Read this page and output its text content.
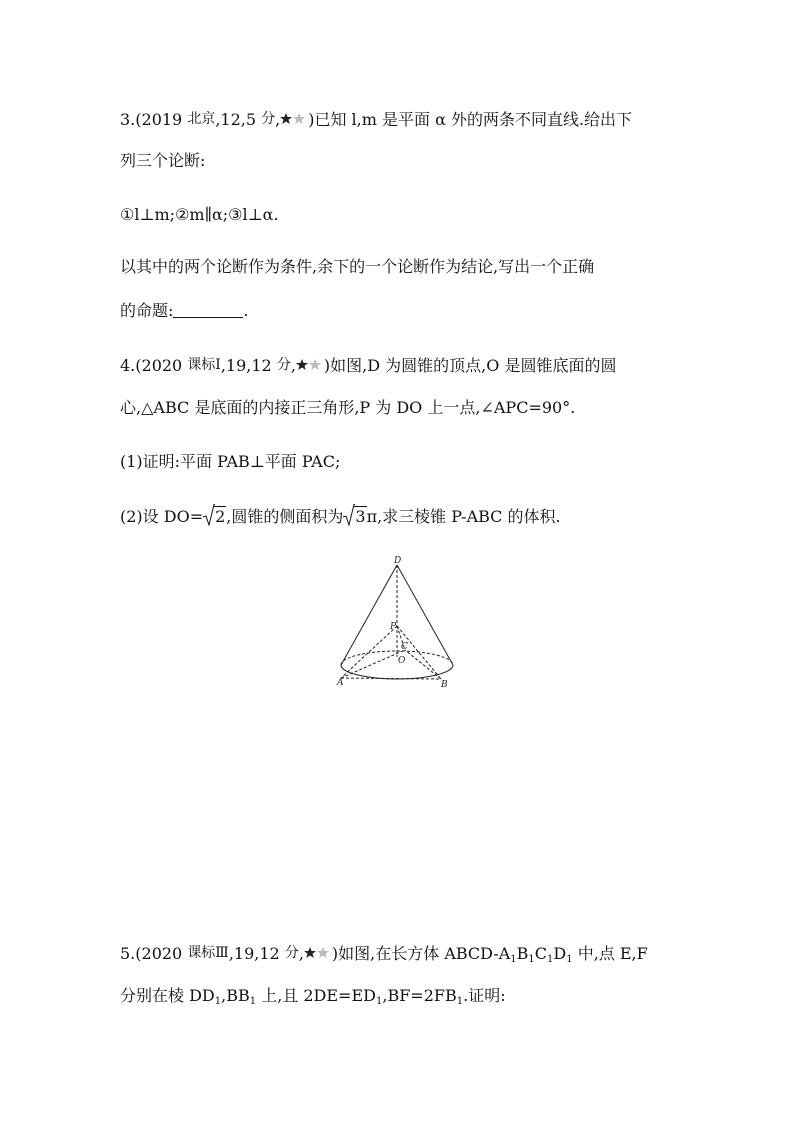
3.(2019 北京,12,5 分, )已知 l,m 是平面 α 外的两条不同直线.给出下
列三个论断:
①l⊥m;②m∥α;③l⊥α.
以其中的两个论断作为条件,余下的一个论断作为结论,写出一个正确
的命题:	.
4.(2020 课标Ⅰ,19,12 分, )如图,D 为圆锥的顶点,O 是圆锥底面的圆
心,△ABC 是底面的内接正三角形,P 为 DO 上一点,∠APC=90°.
(1)证明:平面 PAB⊥平面 PAC;
(2)设 DO= 2,圆锥的侧面积为 3π,求三棱锥 P-ABC 的体积.
D
P
C
O
A	B
5.(2020 课标Ⅲ,19,12 分, )如图,在长方体 ABCD-$A_1B_1C_1D_1$ 中,点 E,F
分别在棱 $DD_1,BB_1$ 上,且 $2DE=ED_1,BF=2FB_1$.证明:
